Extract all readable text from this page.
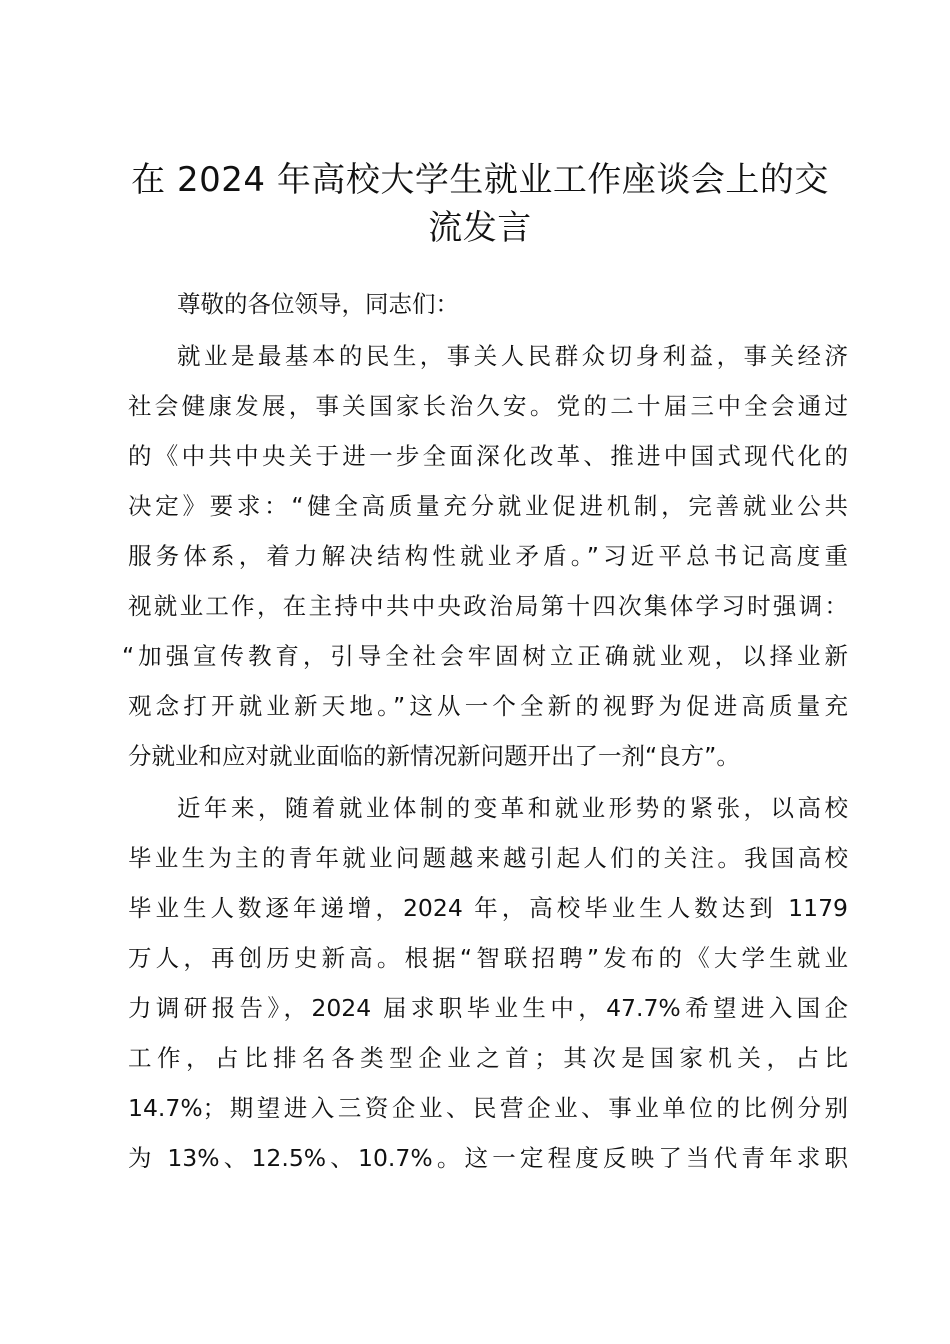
在 2024 年高校大学生就业工作座谈会上的交
流发言

尊敬的各位领导，同志们：

就业是最基本的民生，事关人民群众切身利益，事关经济
社会健康发展，事关国家长治久安。党的二十届三中全会通过
的《中共中央关于进一步全面深化改革、推进中国式现代化的
决定》要求：“健全高质量充分就业促进机制，完善就业公共
服务体系，着力解决结构性就业矛盾。”习近平总书记高度重
视就业工作，在主持中共中央政治局第十四次集体学习时强调：
“加强宣传教育，引导全社会牢固树立正确就业观，以择业新
观念打开就业新天地。”这从一个全新的视野为促进高质量充
分就业和应对就业面临的新情况新问题开出了一剂“良方”。

近年来，随着就业体制的变革和就业形势的紧张，以高校
毕业生为主的青年就业问题越来越引起人们的关注。我国高校
毕业生人数逐年递增，2024 年，高校毕业生人数达到 1179
万人，再创历史新高。根据“智联招聘”发布的《大学生就业
力调研报告》，2024 届求职毕业生中，47.7%希望进入国企
工作，占比排名各类型企业之首；其次是国家机关，占比
14.7%；期望进入三资企业、民营企业、事业单位的比例分别
为 13%、12.5%、10.7%。这一定程度反映了当代青年求职
